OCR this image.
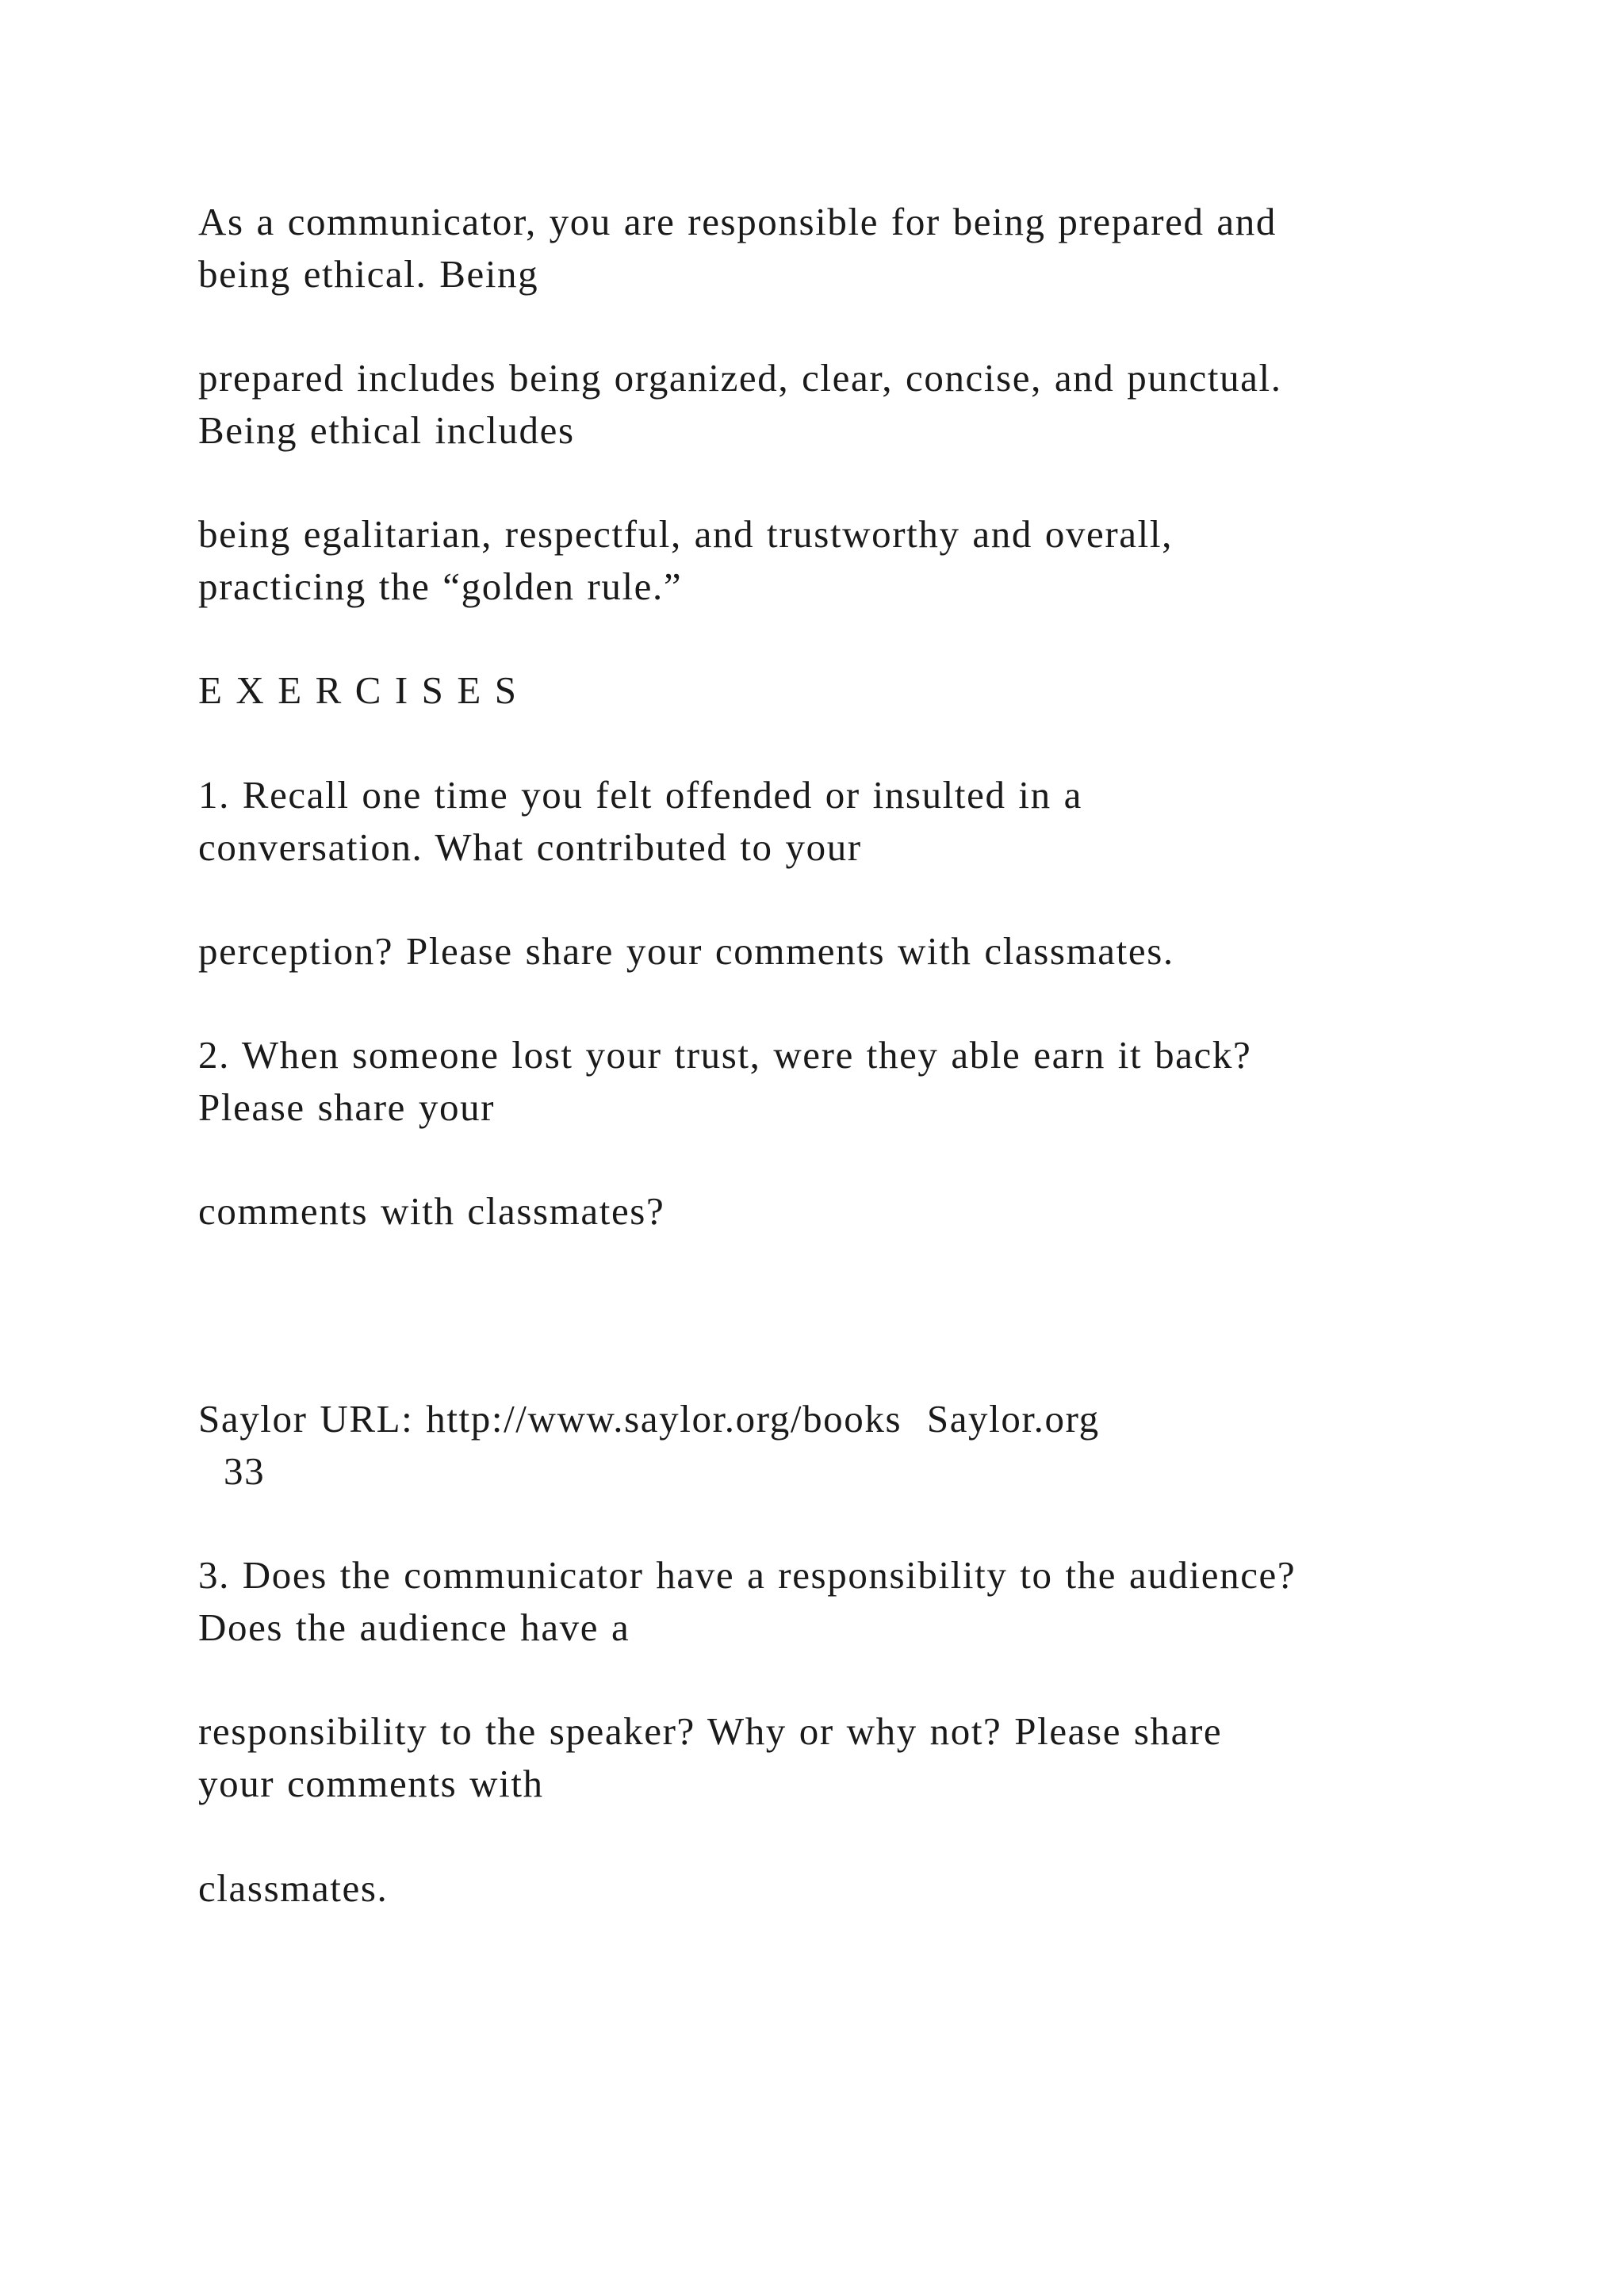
As a communicator, you are responsible for being prepared and
being ethical. Being
prepared includes being organized, clear, concise, and punctual.
Being ethical includes
being egalitarian, respectful, and trustworthy and overall,
practicing the “golden rule.”
E X E R C I S E S
1. Recall one time you felt offended or insulted in a
conversation. What contributed to your
perception? Please share your comments with classmates.
2. When someone lost your trust, were they able earn it back?
Please share your
comments with classmates?
Saylor URL: http://www.saylor.org/books  Saylor.org
33
3. Does the communicator have a responsibility to the audience?
Does the audience have a
responsibility to the speaker? Why or why not? Please share
your comments with
classmates.
